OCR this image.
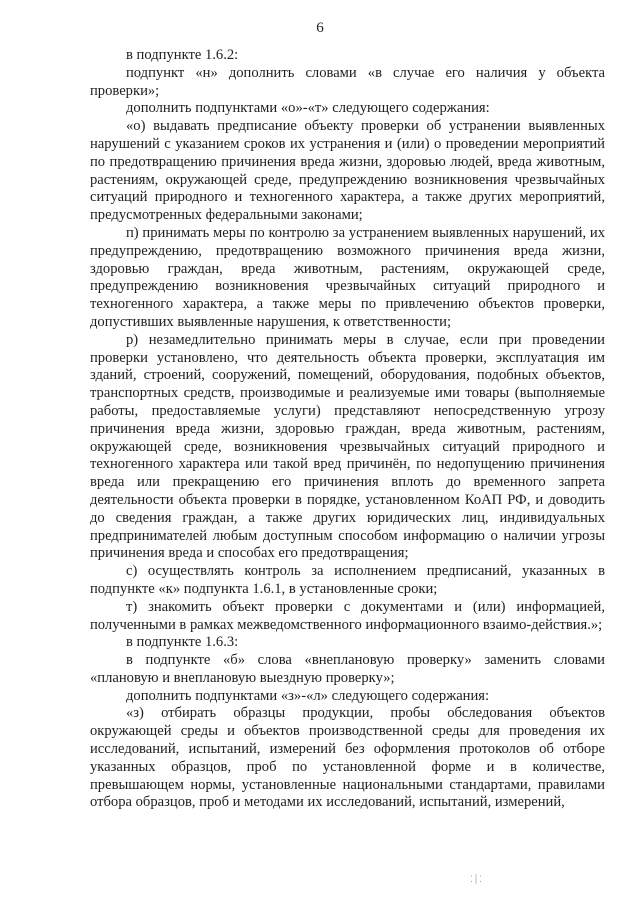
6

в подпункте 1.6.2:

подпункт «н» дополнить словами «в случае его наличия у объекта проверки»;

дополнить подпунктами «о»-«т» следующего содержания:

«о) выдавать предписание объекту проверки об устранении выявленных нарушений с указанием сроков их устранения и (или) о проведении мероприятий по предотвращению причинения вреда жизни, здоровью людей, вреда животным, растениям, окружающей среде, предупреждению возникновения чрезвычайных ситуаций природного и техногенного характера, а также других мероприятий, предусмотренных федеральными законами;

п) принимать меры по контролю за устранением выявленных нарушений, их предупреждению, предотвращению возможного причинения вреда жизни, здоровью граждан, вреда животным, растениям, окружающей среде, предупреждению возникновения чрезвычайных ситуаций природного и техногенного характера, а также меры по привлечению объектов проверки, допустивших выявленные нарушения, к ответственности;

р) незамедлительно принимать меры в случае, если при проведении проверки установлено, что деятельность объекта проверки, эксплуатация им зданий, строений, сооружений, помещений, оборудования, подобных объектов, транспортных средств, производимые и реализуемые ими товары (выполняемые работы, предоставляемые услуги) представляют непосредственную угрозу причинения вреда жизни, здоровью граждан, вреда животным, растениям, окружающей среде, возникновения чрезвычайных ситуаций природного и техногенного характера или такой вред причинён, по недопущению причинения вреда или прекращению его причинения вплоть до временного запрета деятельности объекта проверки в порядке, установленном КоАП РФ, и доводить до сведения граждан, а также других юридических лиц, индивидуальных предпринимателей любым доступным способом информацию о наличии угрозы причинения вреда и способах его предотвращения;

с) осуществлять контроль за исполнением предписаний, указанных в подпункте «к» подпункта 1.6.1, в установленные сроки;

т) знакомить объект проверки с документами и (или) информацией, полученными в рамках межведомственного информационного взаимо-действия.»;

в подпункте 1.6.3:

в подпункте «б» слова «внеплановую проверку» заменить словами «плановую и внеплановую выездную проверку»;

дополнить подпунктами «з»-«л» следующего содержания:

«з) отбирать образцы продукции, пробы обследования объектов окружающей среды и объектов производственной среды для проведения их исследований, испытаний, измерений без оформления протоколов об отборе указанных образцов, проб по установленной форме и в количестве, превышающем нормы, установленные национальными стандартами, правилами отбора образцов, проб и методами их исследований, испытаний, измерений,

⁚⸽⁚
